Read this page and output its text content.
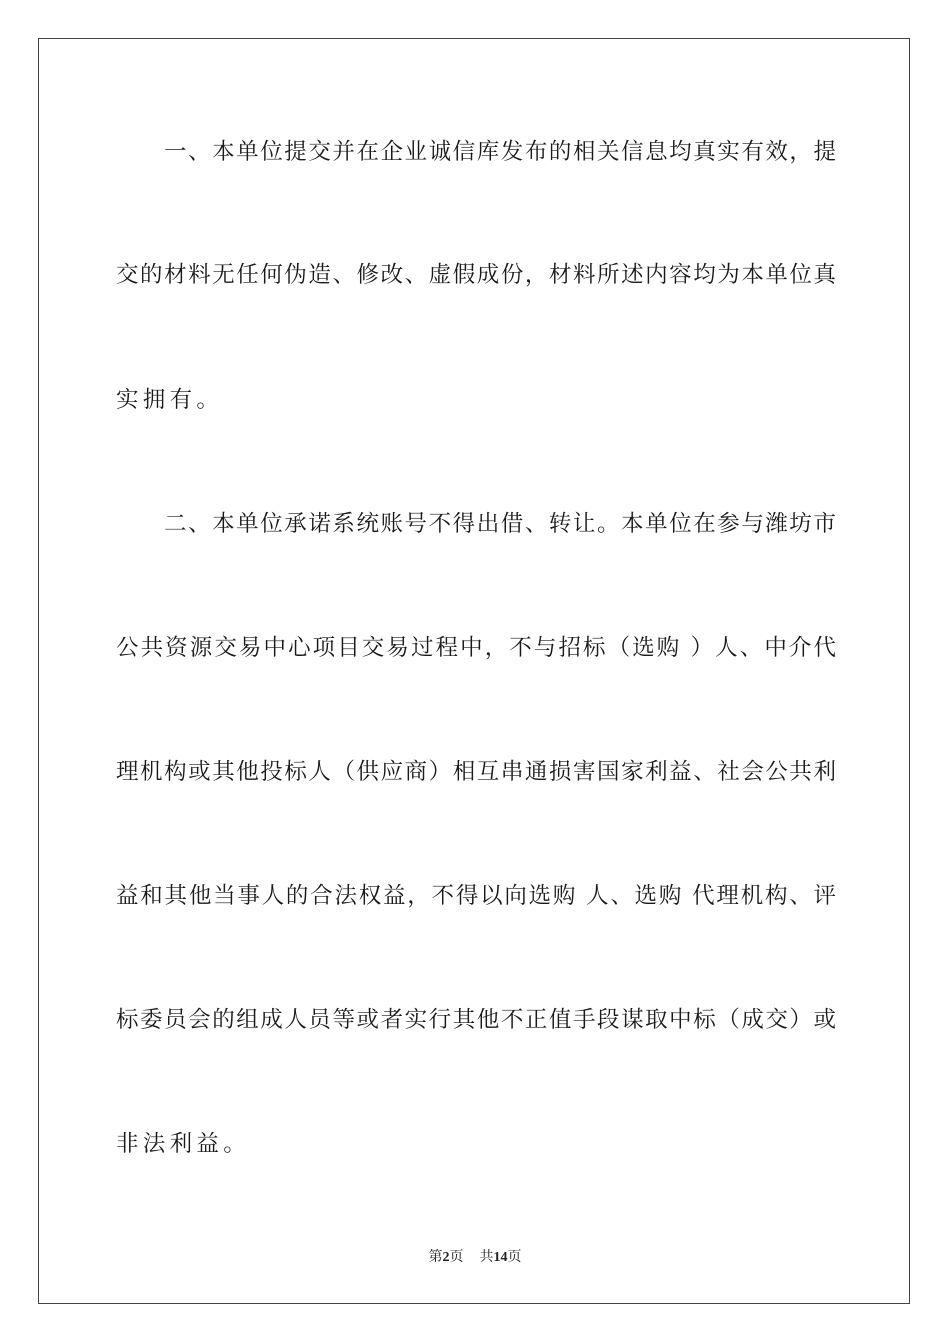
一、本单位提交并在企业诚信库发布的相关信息均真实有效，提
交的材料无任何伪造、修改、虚假成份，材料所述内容均为本单位真
实拥有。
二、本单位承诺系统账号不得出借、转让。本单位在参与潍坊市
公共资源交易中心项目交易过程中，不与招标（选购 ）人、中介代
理机构或其他投标人（供应商）相互串通损害国家利益、社会公共利
益和其他当事人的合法权益，不得以向选购 人、选购 代理机构、评
标委员会的组成人员等或者实行其他不正值手段谋取中标（成交）或
非法利益。
第2页 共14页
